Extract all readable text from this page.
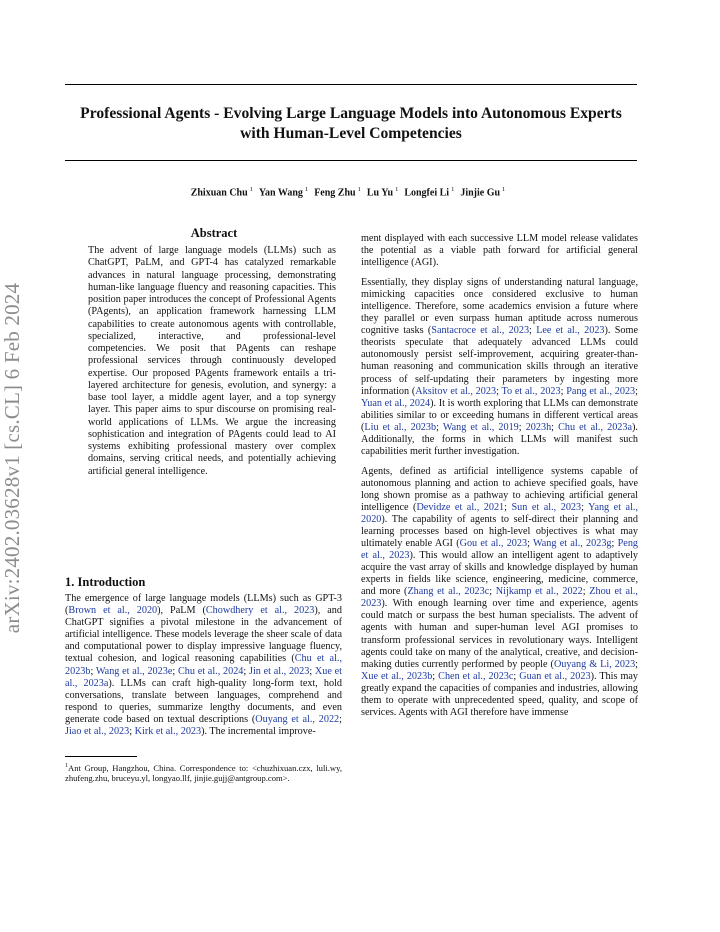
arXiv:2402.03628v1 [cs.CL] 6 Feb 2024
Professional Agents - Evolving Large Language Models into Autonomous Experts with Human-Level Competencies
Zhixuan Chu $^1$ Yan Wang $^1$ Feng Zhu $^1$ Lu Yu $^1$ Longfei Li $^1$ Jinjie Gu $^1$
Abstract

The advent of large language models (LLMs) such as ChatGPT, PaLM, and GPT-4 has catalyzed remarkable advances in natural language processing, demonstrating human-like language fluency and reasoning capacities. This position paper introduces the concept of Professional Agents (PAgents), an application framework harnessing LLM capabilities to create autonomous agents with controllable, specialized, interactive, and professional-level competencies. We posit that PAgents can reshape professional services through continuously developed expertise. Our proposed PAgents framework entails a tri-layered architecture for genesis, evolution, and synergy: a base tool layer, a middle agent layer, and a top synergy layer. This paper aims to spur discourse on promising real-world applications of LLMs. We argue the increasing sophistication and integration of PAgents could lead to AI systems exhibiting professional mastery over complex domains, serving critical needs, and potentially achieving artificial general intelligence.

1. Introduction

The emergence of large language models (LLMs) such as GPT-3 (Brown et al., 2020), PaLM (Chowdhery et al., 2023), and ChatGPT signifies a pivotal milestone in the advancement of artificial intelligence. These models leverage the sheer scale of data and computational power to display impressive language fluency, textual cohesion, and logical reasoning capabilities (Chu et al., 2023b; Wang et al., 2023e; Chu et al., 2024; Jin et al., 2023; Xue et al., 2023a). LLMs can craft high-quality long-form text, hold conversations, translate between languages, comprehend and respond to queries, summarize lengthy documents, and even generate code based on textual descriptions (Ouyang et al., 2022; Jiao et al., 2023; Kirk et al., 2023). The incremental improve-

$^1$Ant Group, Hangzhou, China. Correspondence to: <chuzhixuan.czx, luli.wy, zhufeng.zhu, bruceyu.yl, longyao.llf, jinjie.gujj@antgroup.com>.

ment displayed with each successive LLM model release validates the potential as a viable path forward for artificial general intelligence (AGI).

Essentially, they display signs of understanding natural language, mimicking capacities once considered exclusive to human intelligence. Therefore, some academics envision a future where they parallel or even surpass human aptitude across numerous cognitive tasks (Santacroce et al., 2023; Lee et al., 2023). Some theorists speculate that adequately advanced LLMs could autonomously persist self-improvement, acquiring greater-than-human reasoning and communication skills through an iterative process of self-updating their parameters by ingesting more information (Aksitov et al., 2023; To et al., 2023; Pang et al., 2023; Yuan et al., 2024). It is worth exploring that LLMs can demonstrate abilities similar to or exceeding humans in different vertical areas (Liu et al., 2023b; Wang et al., 2019; 2023h; Chu et al., 2023a). Additionally, the forms in which LLMs will manifest such capabilities merit further investigation.

Agents, defined as artificial intelligence systems capable of autonomous planning and action to achieve specified goals, have long shown promise as a pathway to achieving artificial general intelligence (Devidze et al., 2021; Sun et al., 2023; Yang et al., 2020). The capability of agents to self-direct their planning and learning processes based on high-level objectives is what may ultimately enable AGI (Gou et al., 2023; Wang et al., 2023g; Peng et al., 2023). This would allow an intelligent agent to adaptively acquire the vast array of skills and knowledge displayed by human experts in fields like science, engineering, medicine, commerce, and more (Zhang et al., 2023c; Nijkamp et al., 2022; Zhou et al., 2023). With enough learning over time and experience, agents could match or surpass the best human specialists. The advent of agents with human and super-human level AGI promises to transform professional services in revolutionary ways. Intelligent agents could take on many of the analytical, creative, and decision-making duties currently performed by people (Ouyang & Li, 2023; Xue et al., 2023b; Chen et al., 2023c; Guan et al., 2023). This may greatly expand the capacities of companies and industries, allowing them to operate with unprecedented speed, quality, and scope of services. Agents with AGI therefore have immense
